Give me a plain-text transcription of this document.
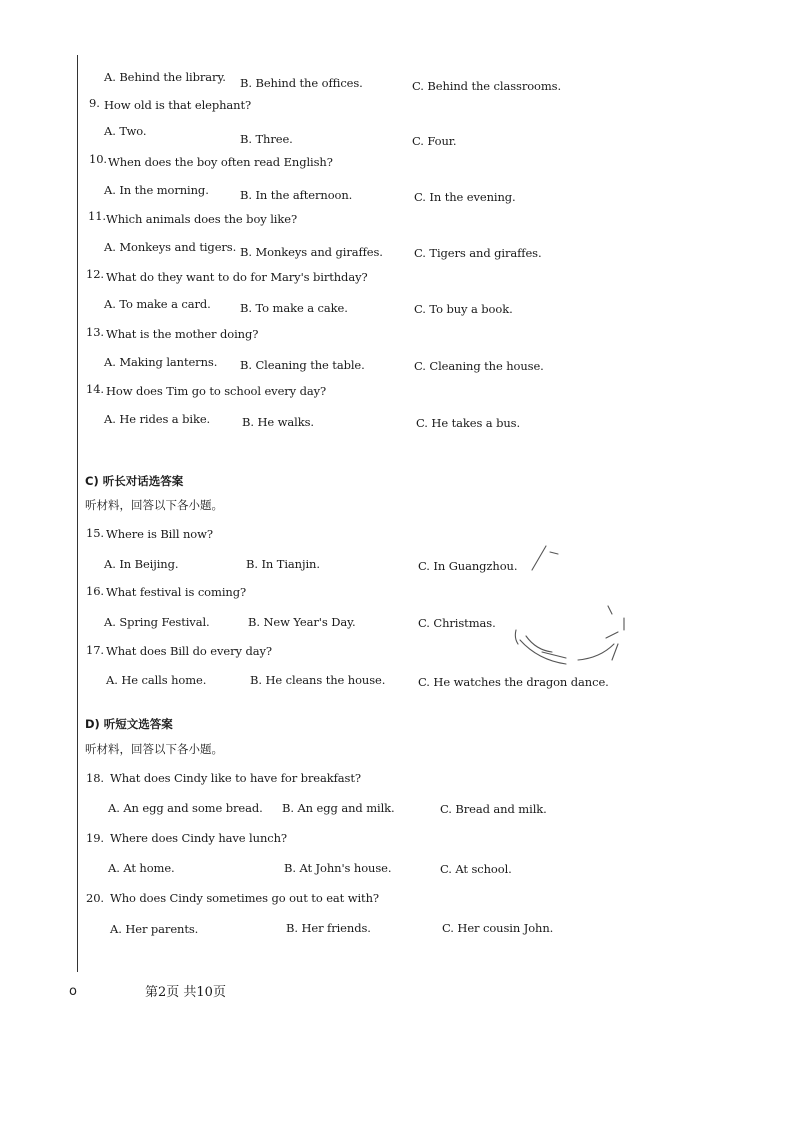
A. Behind the library. B. Behind the offices.	C. Behind the classrooms.
9. How old is that elephant?
A. Two.
B. Three.	C. Four.
10. When does the boy often read English?
A. In the morning.	B. In the afternoon.	C. In the evening.
11. Which animals does the boy like?
A. Monkeys and tigers. B. Monkeys and giraffes.	C. Tigers and giraffes.
12. What do they want to do for Mary's birthday?
A. To make a card.	B. To make a cake.	C. To buy a book.
13. What is the mother doing?
A. Making lanterns. B. Cleaning the table.	C. Cleaning the house.
14. How does Tim go to school every day?
A. He rides a bike.	B. He walks.	C. He takes a bus.
C) 听长对话选答案
听材料，回答以下各小题。
15. Where is Bill now?
A. In Beijing.	B. In Tianjin.	C. In Guangzhou.
16. What festival is coming?
A. Spring Festival.	B. New Year's Day.	C. Christmas.
17. What does Bill do every day?
A. He calls home.	B. He cleans the house.	C. He watches the dragon dance.
D) 听短文选答案
听材料，回答以下各小题。
18. What does Cindy like to have for breakfast?
A. An egg and some bread. B. An egg and milk.	C. Bread and milk.
19. Where does Cindy have lunch?
A. At home.	B. At John's house.	C. At school.
20. Who does Cindy sometimes go out to eat with?
A. Her parents.	B. Her friends.	C. Her cousin John.
o	第2页 共10页
